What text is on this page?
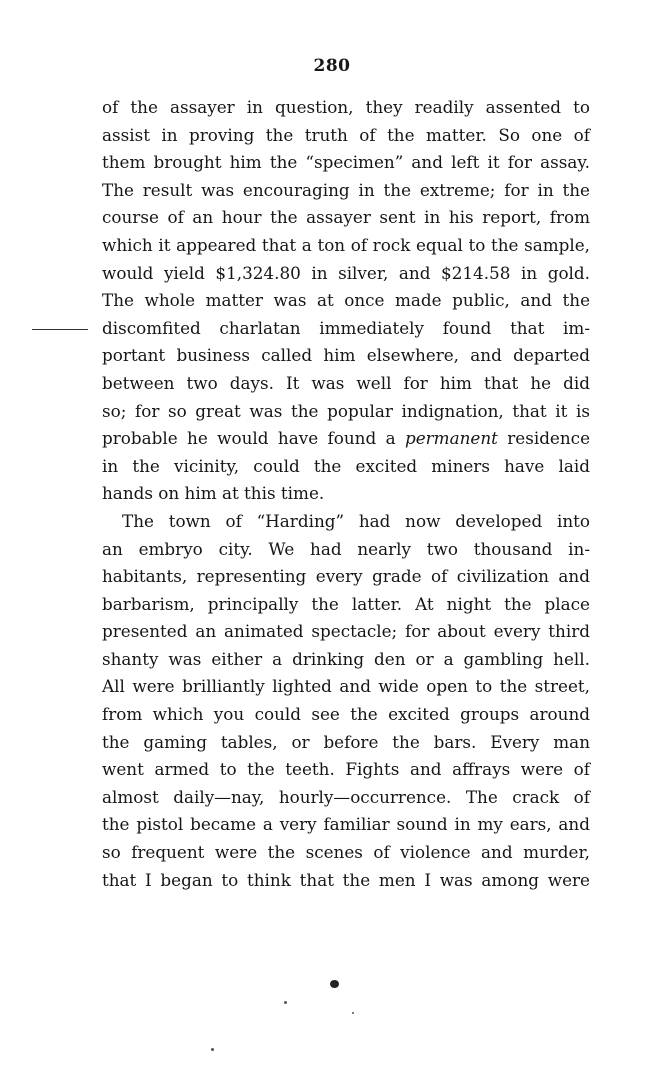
280
of the assayer in question, they readily assented to
assist in proving the truth of the matter. So one of
them brought him the “specimen” and left it for assay.
The result was encouraging in the extreme; for in the
course of an hour the assayer sent in his report, from
which it appeared that a ton of rock equal to the sample,
would yield $1,324.80 in silver, and $214.58 in gold.
The whole matter was at once made public, and the
discomfited charlatan immediately found that im-
portant business called him elsewhere, and departed
between two days. It was well for him that he did
so; for so great was the popular indignation, that it is
probable he would have found a permanent residence
in the vicinity, could the excited miners have laid
hands on him at this time.
The town of “Harding” had now developed into
an embryo city. We had nearly two thousand in-
habitants, representing every grade of civilization and
barbarism, principally the latter. At night the place
presented an animated spectacle; for about every third
shanty was either a drinking den or a gambling hell.
All were brilliantly lighted and wide open to the street,
from which you could see the excited groups around
the gaming tables, or before the bars. Every man
went armed to the teeth. Fights and affrays were of
almost daily—nay, hourly—occurrence. The crack of
the pistol became a very familiar sound in my ears, and
so frequent were the scenes of violence and murder,
that I began to think that the men I was among were
